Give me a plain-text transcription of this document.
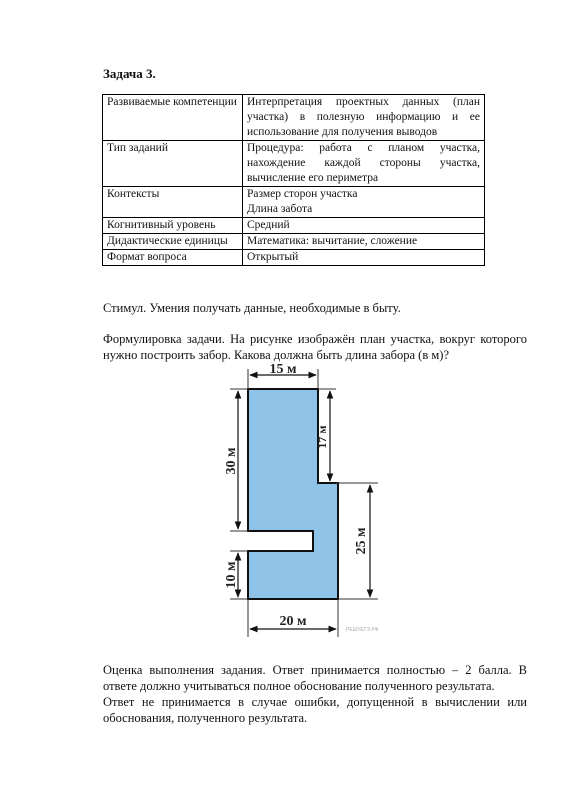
Задача 3.
Развиваемые компетенции	Интерпретация проектных данных (план участка) в полезную информацию и ее использование для получения выводов
Тип заданий	Процедура: работа с планом участка, нахождение каждой стороны участка, вычисление его периметра
Контексты	Размер сторон участка
Длина забота

Когнитивный уровень	Средний
Дидактические единицы	Математика: вычитание, сложение
Формат вопроса	Открытый
Стимул. Умения получать данные, необходимые в быту.
Формулировка задачи. На рисунке изображён план участка, вокруг которого нужно построить забор. Какова должна быть длина забора (в м)?
15 м
30 м
10 м
17 м
25 м
20 м
РЕШУЕГЭ.РФ
Оценка выполнения задания. Ответ принимается полностью – 2 балла. В ответе должно учитываться полное обоснование полученного результата.
Ответ не принимается в случае ошибки, допущенной в вычислении или обоснования, полученного результата.
